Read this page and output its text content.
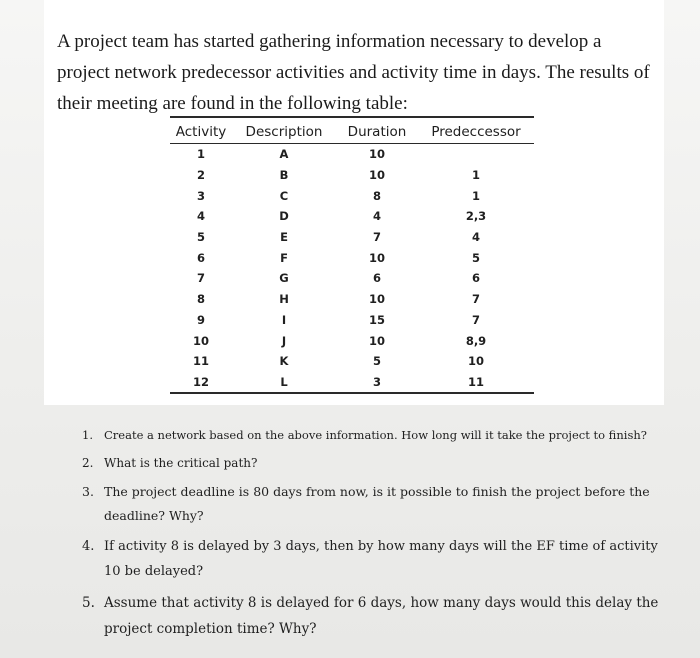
A project team has started gathering information necessary to develop a project network predecessor activities and activity time in days. The results of their meeting are found in the following table:

Activity	Description	Duration	Predeccessor
1	A	10	
2	B	10	1
3	C	8	1
4	D	4	2,3
5	E	7	4
6	F	10	5
7	G	6	6
8	H	10	7
9	I	15	7
10	J	10	8,9
11	K	5	10
12	L	3	11
1. Create a network based on the above information. How long will it take the project to finish?
2. What is the critical path?
3. The project deadline is 80 days from now, is it possible to finish the project before the deadline? Why?
4. If activity 8 is delayed by 3 days, then by how many days will the EF time of activity 10 be delayed?
5. Assume that activity 8 is delayed for 6 days, how many days would this delay the project completion time? Why?
